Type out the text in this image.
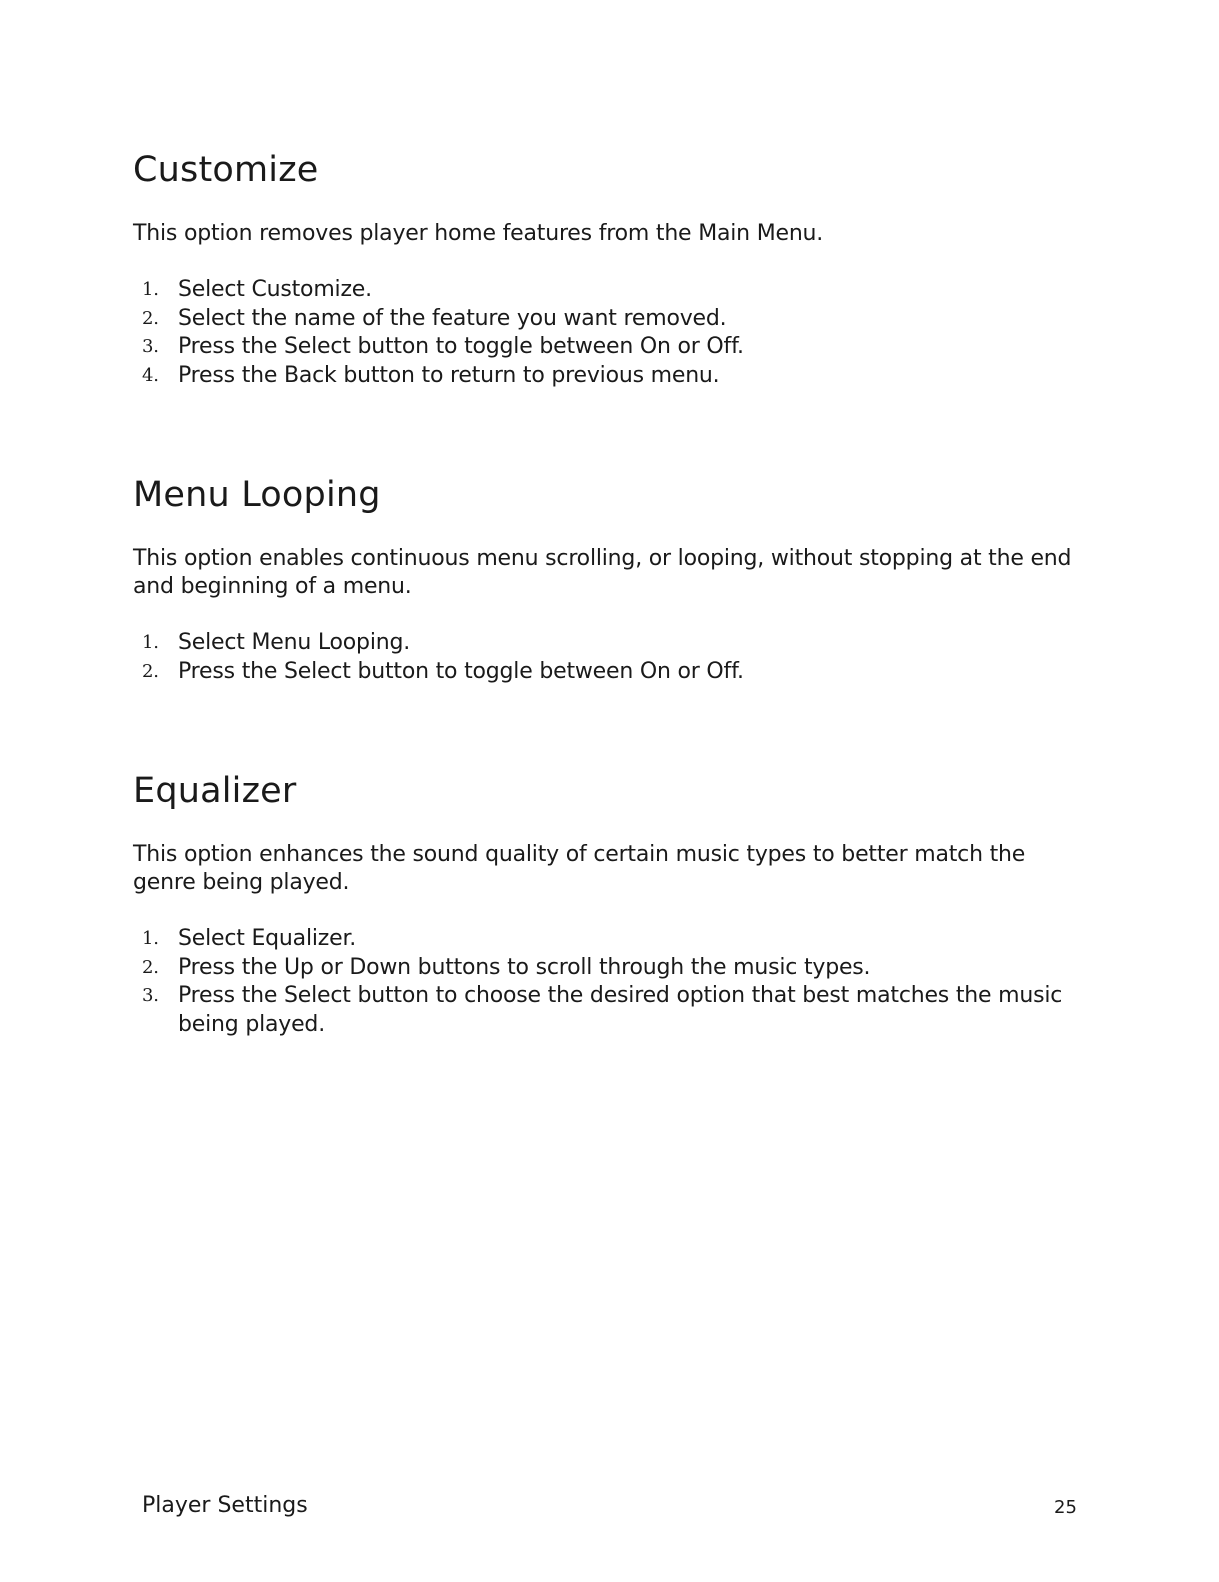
Customize

This option removes player home features from the Main Menu.

1. Select Customize.
2. Select the name of the feature you want removed.
3. Press the Select button to toggle between On or Off.
4. Press the Back button to return to previous menu.
Menu Looping

This option enables continuous menu scrolling, or looping, without stopping at the end and beginning of a menu.

1. Select Menu Looping.
2. Press the Select button to toggle between On or Off.
Equalizer

This option enhances the sound quality of certain music types to better match the genre being played.

1. Select Equalizer.
2. Press the Up or Down buttons to scroll through the music types.
3. Press the Select button to choose the desired option that best matches the music being played.
Player Settings	25
